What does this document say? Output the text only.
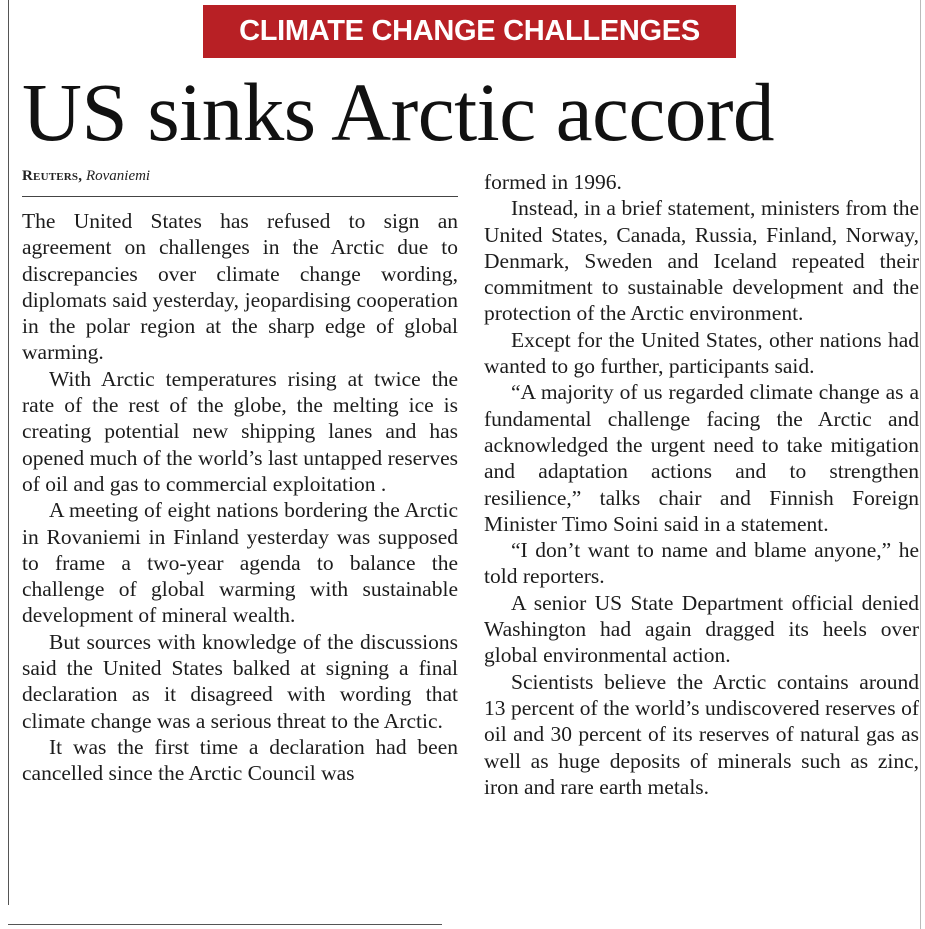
CLIMATE CHANGE CHALLENGES
US sinks Arctic accord
Reuters, Rovaniemi

The United States has refused to sign an agreement on challenges in the Arctic due to discrepancies over climate change wording, diplomats said yesterday, jeopardising cooperation in the polar region at the sharp edge of global warming.

With Arctic temperatures rising at twice the rate of the rest of the globe, the melting ice is creating potential new shipping lanes and has opened much of the world’s last untapped reserves of oil and gas to commercial exploitation .

A meeting of eight nations bordering the Arctic in Rovaniemi in Finland yesterday was supposed to frame a two-year agenda to balance the challenge of global warming with sustainable development of mineral wealth.

But sources with knowledge of the discussions said the United States balked at signing a final declaration as it disagreed with wording that climate change was a serious threat to the Arctic.

It was the first time a declaration had been cancelled since the Arctic Council was

formed in 1996.

Instead, in a brief statement, ministers from the United States, Canada, Russia, Finland, Norway, Denmark, Sweden and Iceland repeated their commitment to sustainable development and the protection of the Arctic environment.

Except for the United States, other nations had wanted to go further, participants said.

“A majority of us regarded climate change as a fundamental challenge facing the Arctic and acknowledged the urgent need to take mitigation and adaptation actions and to strengthen resilience,” talks chair and Finnish Foreign Minister Timo Soini said in a statement.

“I don’t want to name and blame anyone,” he told reporters.

A senior US State Department official denied Washington had again dragged its heels over global environmental action.

Scientists believe the Arctic contains around 13 percent of the world’s undiscovered reserves of oil and 30 percent of its reserves of natural gas as well as huge deposits of minerals such as zinc, iron and rare earth metals.
